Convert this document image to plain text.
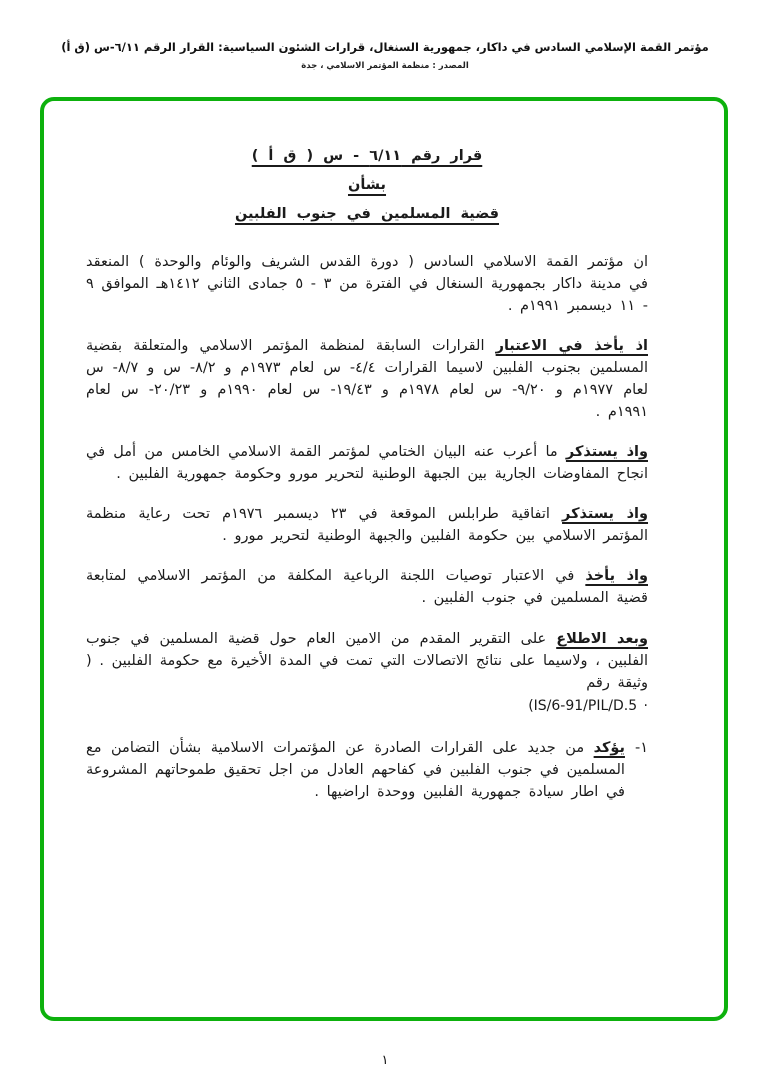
مؤتمر القمة الإسلامي السادس في داكار، جمهورية السنغال، قرارات الشئون السياسية: القرار الرقم ٦/١١-س (ق أ)
المصدر : منظمة المؤتمر الاسلامي ، جدة
قرار رقم ٦/١١ - س ( ق أ )
بشأن
قضية المسلمين في جنوب الفلبين
ان مؤتمر القمة الاسلامي السادس ( دورة القدس الشريف والوئام والوحدة ) المنعقد في مدينة داكار بجمهورية السنغال في الفترة من ٣ - ٥ جمادى الثاني ١٤١٢هـ الموافق ٩ - ١١ ديسمبر ١٩٩١م .
اذ يأخذ في الاعتبار القرارات السابقة لمنظمة المؤتمر الاسلامي والمتعلقة بقضية المسلمين بجنوب الفلبين لاسيما القرارات ٤/٤- س لعام ١٩٧٣م و ٨/٢- س و ٨/٧- س لعام ١٩٧٧م و ٩/٢٠- س لعام ١٩٧٨م و ١٩/٤٣- س لعام ١٩٩٠م و ٢٠/٢٣- س لعام ١٩٩١م .
واذ يستذكر ما أعرب عنه البيان الختامي لمؤتمر القمة الاسلامي الخامس من أمل في انجاح المفاوضات الجارية بين الجبهة الوطنية لتحرير مورو وحكومة جمهورية الفلبين .
واذ يستذكر اتفاقية طرابلس الموقعة في ٢٣ ديسمبر ١٩٧٦م تحت رعاية منظمة المؤتمر الاسلامي بين حكومة الفلبين والجبهة الوطنية لتحرير مورو .
واذ يأخذ في الاعتبار توصيات اللجنة الرباعية المكلفة من المؤتمر الاسلامي لمتابعة قضية المسلمين في جنوب الفلبين .
وبعد الاطلاع على التقرير المقدم من الامين العام حول قضية المسلمين في جنوب الفلبين ، ولاسيما على نتائج الاتصالات التي تمت في المدة الأخيرة مع حكومة الفلبين . ( وثيقة رقم
(IS/6-91/PIL/D.5 ·
١-
يؤكد من جديد على القرارات الصادرة عن المؤتمرات الاسلامية بشأن التضامن مع المسلمين في جنوب الفلبين في كفاحهم العادل من اجل تحقيق طموحاتهم المشروعة في اطار سيادة جمهورية الفلبين ووحدة اراضيها .
١
